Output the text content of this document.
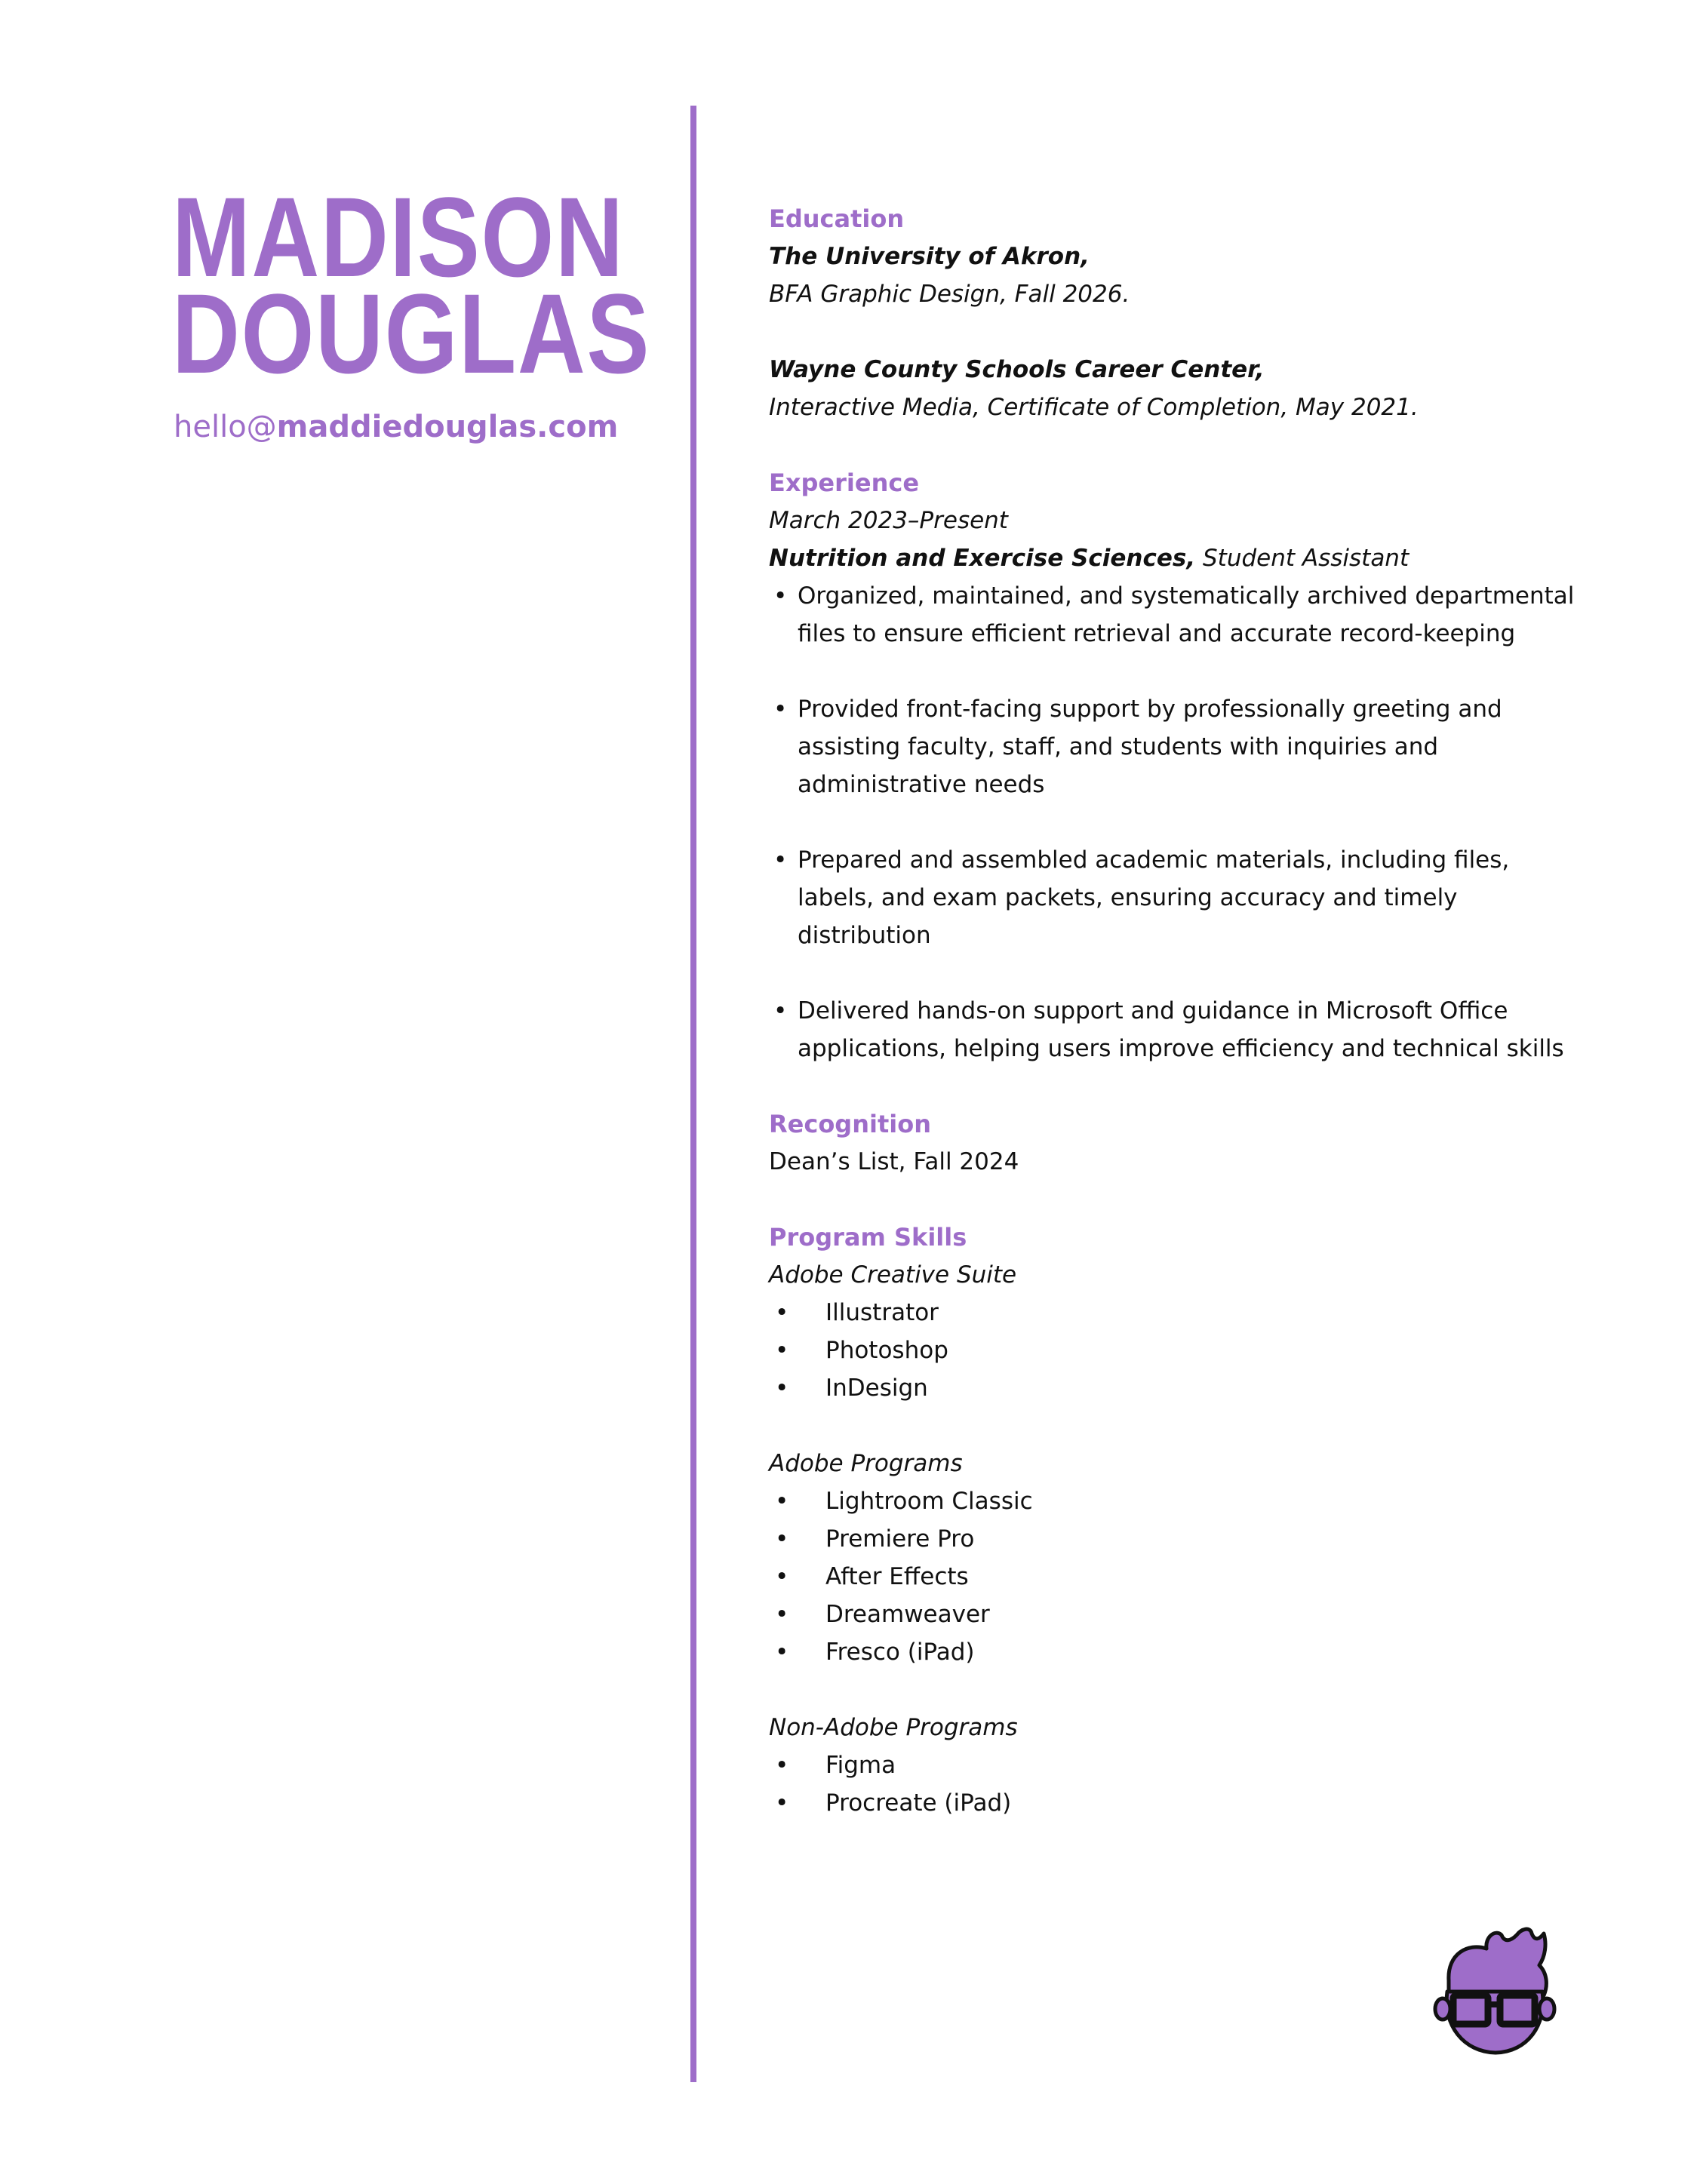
MADISON
DOUGLAS
hello@maddiedouglas.com
Education
The University of Akron,
BFA Graphic Design, Fall 2026.
Wayne County Schools Career Center,
Interactive Media, Certificate of Completion, May 2021.
Experience
March 2023–Present
Nutrition and Exercise Sciences, Student Assistant
• Organized, maintained, and systematically archived departmental files to ensure efficient retrieval and accurate record-keeping
• Provided front-facing support by professionally greeting and assisting faculty, staff, and students with inquiries and administrative needs
• Prepared and assembled academic materials, including files, labels, and exam packets, ensuring accuracy and timely distribution
• Delivered hands-on support and guidance in Microsoft Office applications, helping users improve efficiency and technical skills
Recognition
Dean’s List, Fall 2024
Program Skills
Adobe Creative Suite
• Illustrator
• Photoshop
• InDesign
Adobe Programs
• Lightroom Classic
• Premiere Pro
• After Effects
• Dreamweaver
• Fresco (iPad)
Non-Adobe Programs
• Figma
• Procreate (iPad)
